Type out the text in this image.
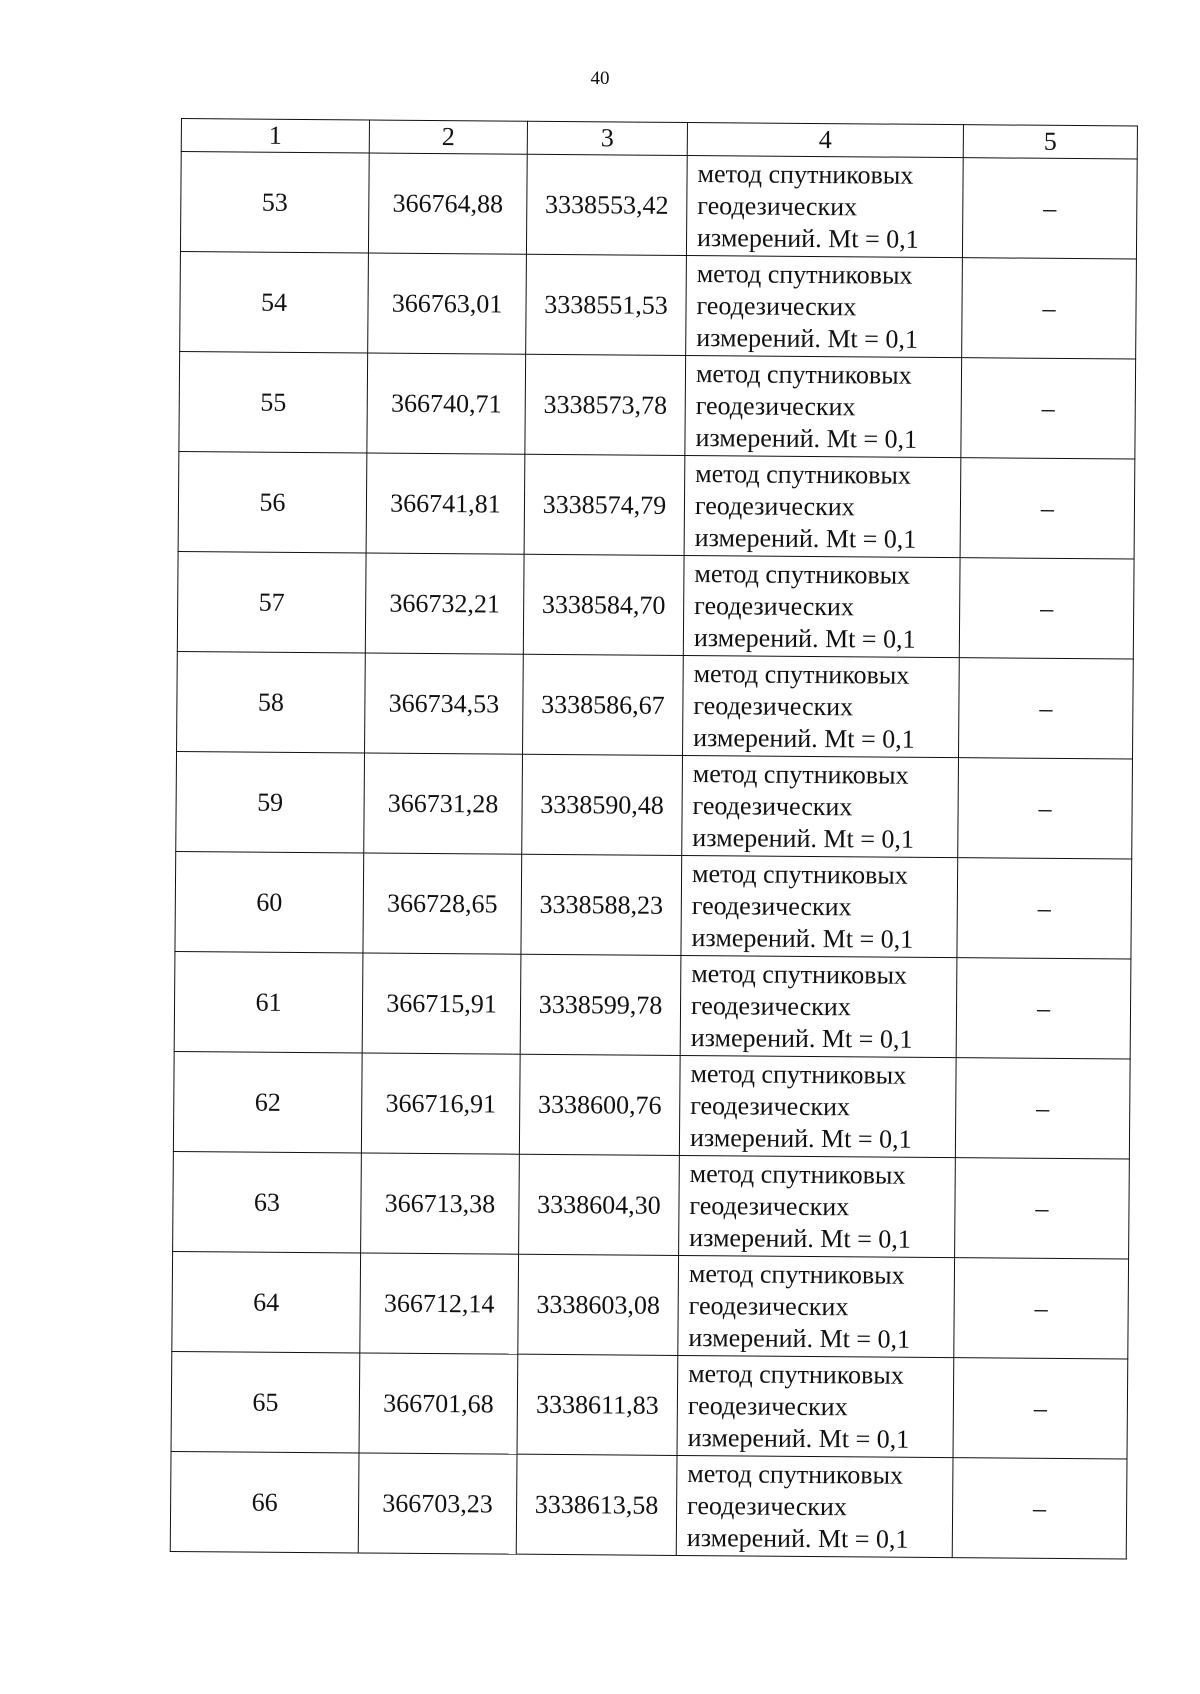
40
1	2	3	4	5
53	366764,88	3338553,42	метод спутниковых
геодезических
измерений. Mt = 0,1	–
54	366763,01	3338551,53	метод спутниковых
геодезических
измерений. Mt = 0,1	–
55	366740,71	3338573,78	метод спутниковых
геодезических
измерений. Mt = 0,1	–
56	366741,81	3338574,79	метод спутниковых
геодезических
измерений. Mt = 0,1	–
57	366732,21	3338584,70	метод спутниковых
геодезических
измерений. Mt = 0,1	–
58	366734,53	3338586,67	метод спутниковых
геодезических
измерений. Mt = 0,1	–
59	366731,28	3338590,48	метод спутниковых
геодезических
измерений. Mt = 0,1	–
60	366728,65	3338588,23	метод спутниковых
геодезических
измерений. Mt = 0,1	–
61	366715,91	3338599,78	метод спутниковых
геодезических
измерений. Mt = 0,1	–
62	366716,91	3338600,76	метод спутниковых
геодезических
измерений. Mt = 0,1	–
63	366713,38	3338604,30	метод спутниковых
геодезических
измерений. Mt = 0,1	–
64	366712,14	3338603,08	метод спутниковых
геодезических
измерений. Mt = 0,1	–
65	366701,68	3338611,83	метод спутниковых
геодезических
измерений. Mt = 0,1	–
66	366703,23	3338613,58	метод спутниковых
геодезических
измерений. Mt = 0,1	–
